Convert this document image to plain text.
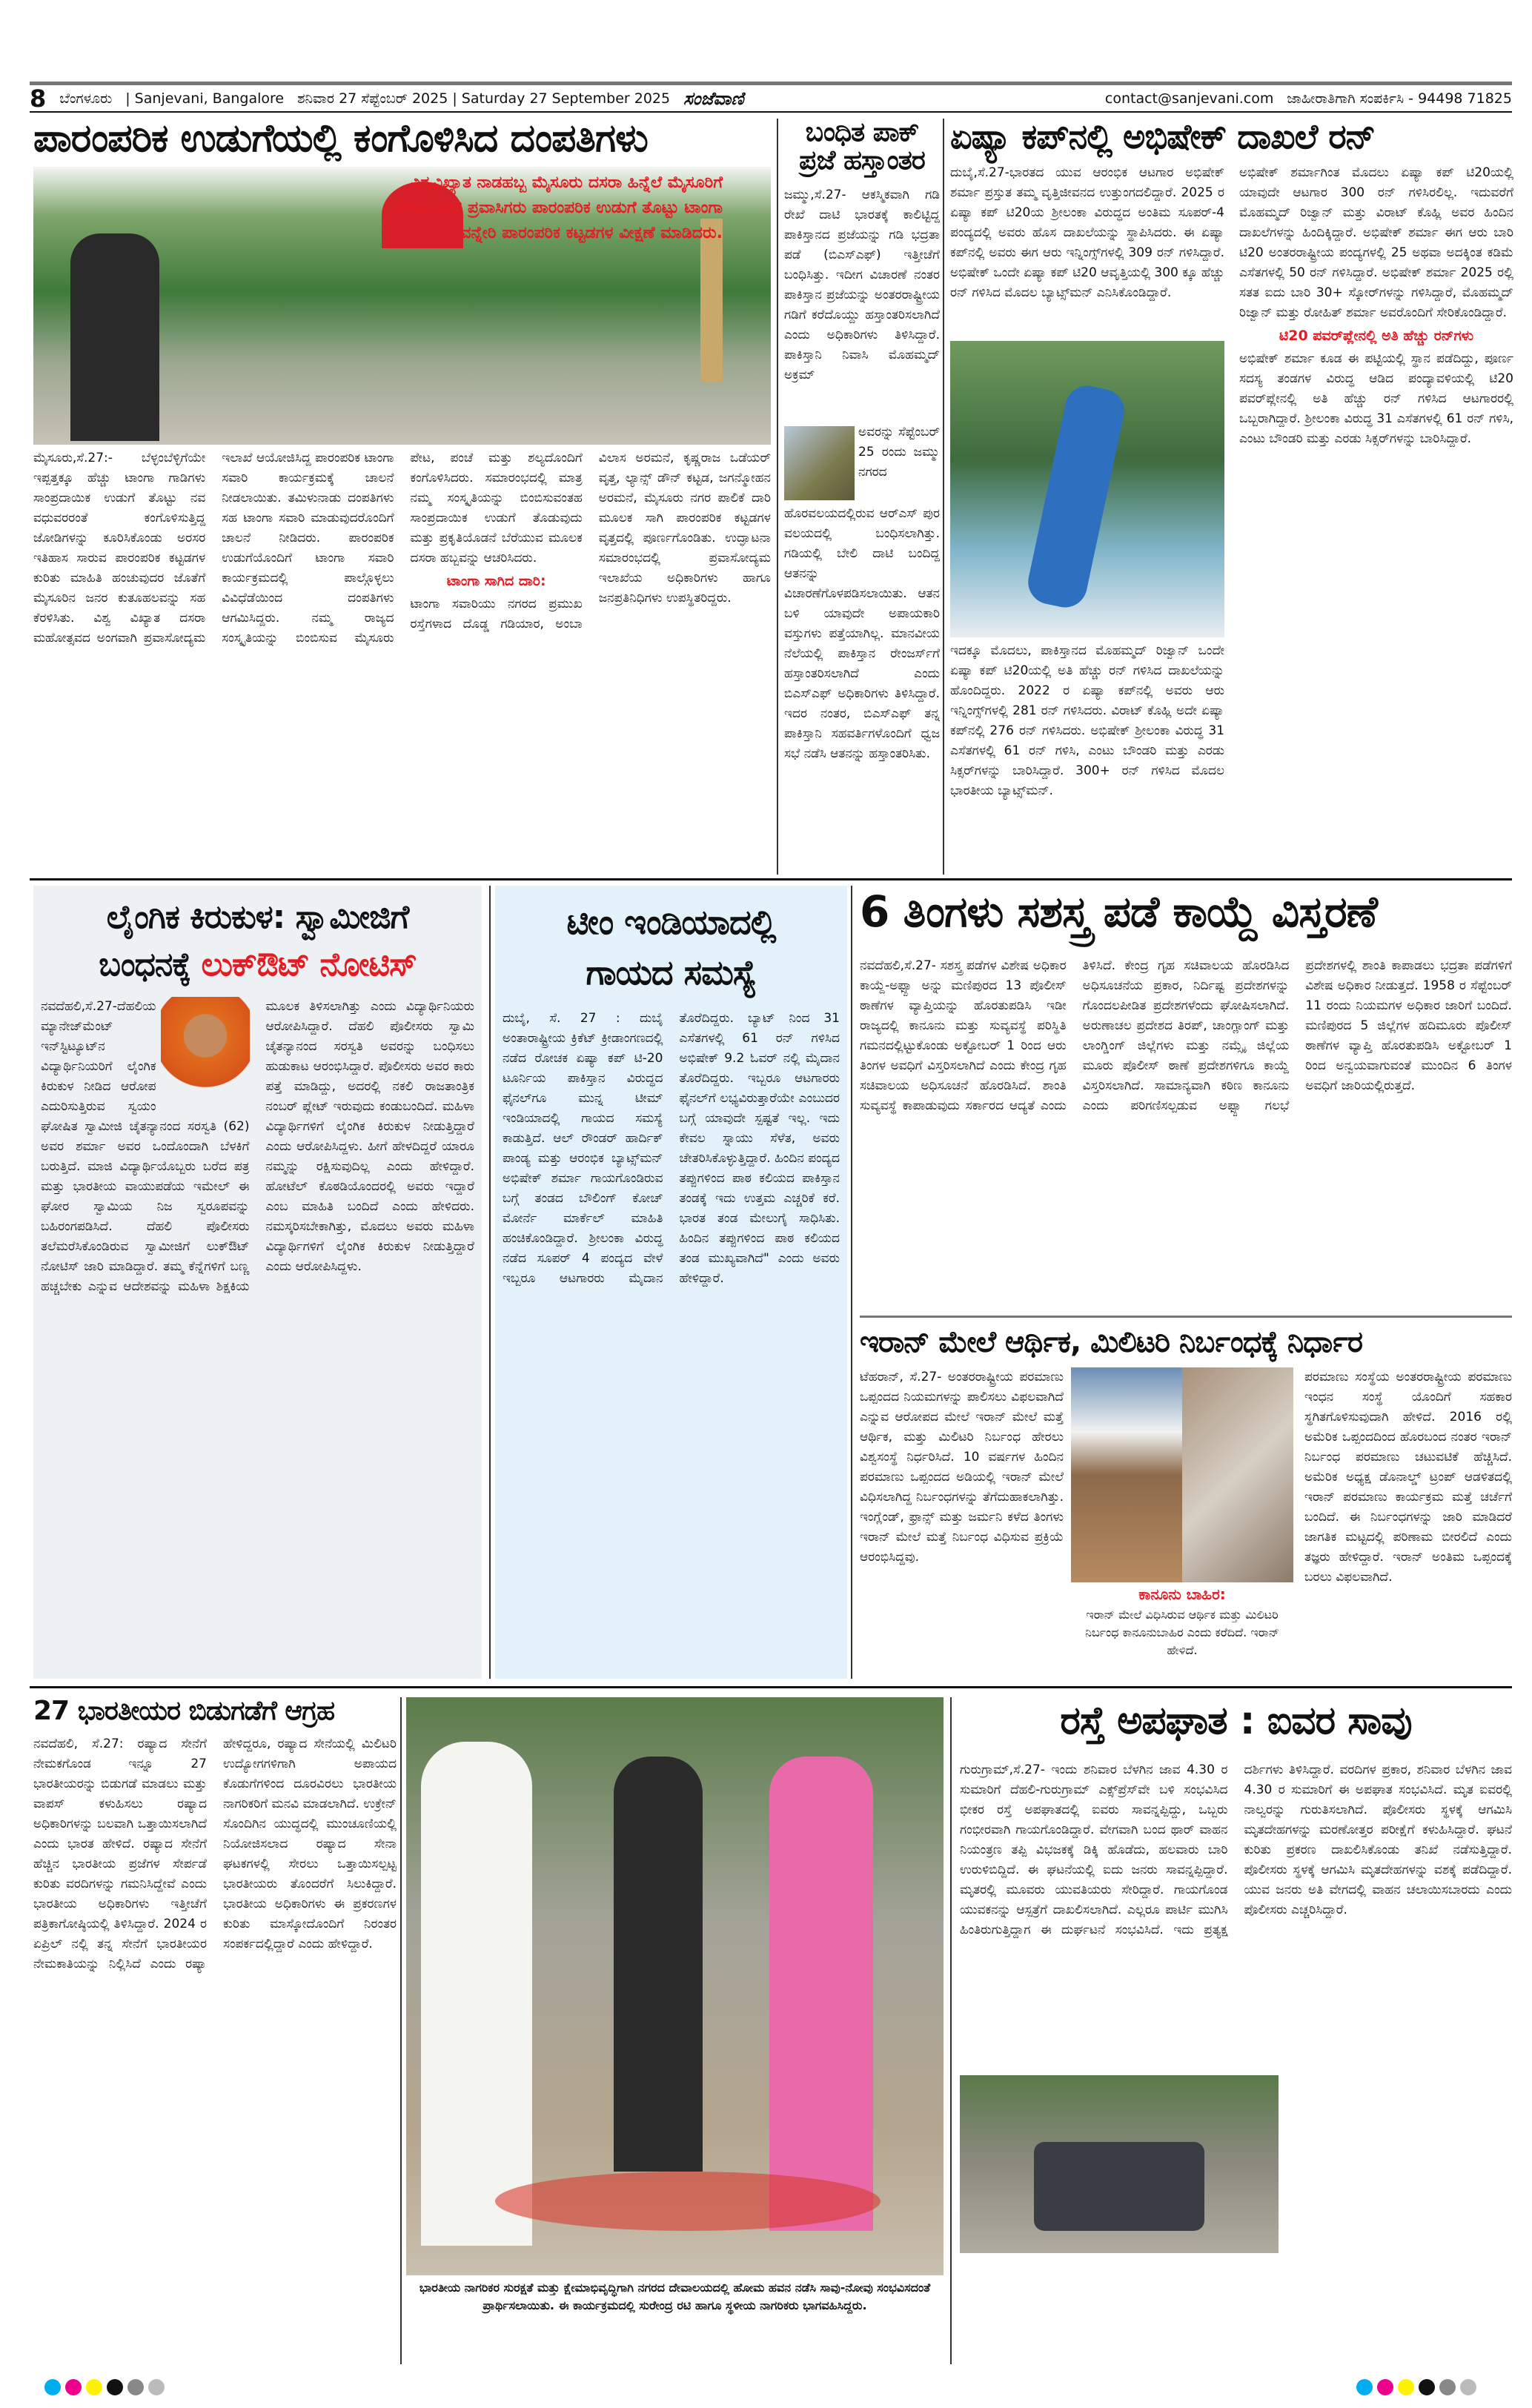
8 ಬೆಂಗಳೂರು | Sanjevani, Bangalore ಶನಿವಾರ 27 ಸೆಪ್ಟೆಂಬರ್ 2025 | Saturday 27 September 2025 ಸಂಜೆವಾಣಿ	contact@sanjevani.com ಜಾಹೀರಾತಿಗಾಗಿ ಸಂಪರ್ಕಿಸಿ - 94498 71825
ಪಾರಂಪರಿಕ ಉಡುಗೆಯಲ್ಲಿ ಕಂಗೊಳಿಸಿದ ದಂಪತಿಗಳು
ವಿಶ್ವವಿಖ್ಯಾತ ನಾಡಹಬ್ಬ ಮೈಸೂರು ದಸರಾ ಹಿನ್ನೆಲೆ ಮೈಸೂರಿಗೆ ಆಗಮಿಸಿರುವ ಪ್ರವಾಸಿಗರು ಪಾರಂಪರಿಕ ಉಡುಗೆ ತೊಟ್ಟು ಟಾಂಗಾ ವನ್ನೇರಿ ಪಾರಂಪರಿಕ ಕಟ್ಟಡಗಳ ವೀಕ್ಷಣೆ ಮಾಡಿದರು.

ಮೈಸೂರು,ಸೆ.27:- ಬೆಳ್ಳಂಬೆಳ್ಳಿಗೆಯೇ ಇಪ್ಪತ್ತಕ್ಕೂ ಹೆಚ್ಚು ಟಾಂಗಾ ಗಾಡಿಗಳು ಸಾಂಪ್ರದಾಯಿಕ ಉಡುಗೆ ತೊಟ್ಟು ನವ ವಧುವರರಂತೆ ಕಂಗೊಳಿಸುತ್ತಿದ್ದ ಜೋಡಿಗಳನ್ನು ಕೂರಿಸಿಕೊಂಡು ಅರಸರ ಇತಿಹಾಸ ಸಾರುವ ಪಾರಂಪರಿಕ ಕಟ್ಟಡಗಳ ಕುರಿತು ಮಾಹಿತಿ ಹಂಚುವುದರ ಜೊತೆಗೆ ಮೈಸೂರಿನ ಜನರ ಕುತೂಹಲವನ್ನು ಸಹ ಕೆರಳಿಸಿತು. ವಿಶ್ವ ವಿಖ್ಯಾತ ದಸರಾ ಮಹೋತ್ಸವದ ಅಂಗವಾಗಿ ಪ್ರವಾಸೋದ್ಯಮ ಇಲಾಖೆ ಆಯೋಜಿಸಿದ್ದ ಪಾರಂಪರಿಕ ಟಾಂಗಾ ಸವಾರಿ ಕಾರ್ಯಕ್ರಮಕ್ಕೆ ಚಾಲನೆ ನೀಡಲಾಯಿತು. ತಮಿಳುನಾಡು ದಂಪತಿಗಳು ಸಹ ಟಾಂಗಾ ಸವಾರಿ ಮಾಡುವುದರೊಂದಿಗೆ ಚಾಲನೆ ನೀಡಿದರು. ಪಾರಂಪರಿಕ ಉಡುಗೆಯೊಂದಿಗೆ ಟಾಂಗಾ ಸವಾರಿ ಕಾರ್ಯಕ್ರಮದಲ್ಲಿ ಪಾಲ್ಗೊಳ್ಳಲು ವಿವಿಧೆಡೆಯಿಂದ ದಂಪತಿಗಳು ಆಗಮಿಸಿದ್ದರು. ನಮ್ಮ ರಾಜ್ಯದ ಸಂಸ್ಕೃತಿಯನ್ನು ಬಿಂಬಿಸುವ ಮೈಸೂರು ಪೇಟ, ಪಂಚೆ ಮತ್ತು ಶಲ್ಯದೊಂದಿಗೆ ಕಂಗೊಳಿಸಿದರು. ಸಮಾರಂಭದಲ್ಲಿ ಮಾತ್ರ ನಮ್ಮ ಸಂಸ್ಕೃತಿಯನ್ನು ಬಿಂಬಿಸುವಂತಹ ಸಾಂಪ್ರದಾಯಿಕ ಉಡುಗೆ ತೊಡುವುದು ಮತ್ತು ಪ್ರಕೃತಿಯೊಡನೆ ಬೆರೆಯುವ ಮೂಲಕ ದಸರಾ ಹಬ್ಬವನ್ನು ಆಚರಿಸಿದರು.

ಟಾಂಗಾ ಸಾಗಿದ ದಾರಿ:

ಟಾಂಗಾ ಸವಾರಿಯು ನಗರದ ಪ್ರಮುಖ ರಸ್ತೆಗಳಾದ ದೊಡ್ಡ ಗಡಿಯಾರ, ಅಂಬಾ ವಿಲಾಸ ಅರಮನೆ, ಕೃಷ್ಣರಾಜ ಒಡೆಯರ್ ವೃತ್ತ, ಲ್ಯಾನ್ಸ್ ಡೌನ್ ಕಟ್ಟಡ, ಜಗನ್ಮೋಹನ ಅರಮನೆ, ಮೈಸೂರು ನಗರ ಪಾಲಿಕೆ ದಾರಿ ಮೂಲಕ ಸಾಗಿ ಪಾರಂಪರಿಕ ಕಟ್ಟಡಗಳ ವೃತ್ತದಲ್ಲಿ ಪೂರ್ಣಗೊಂಡಿತು. ಉದ್ಘಾಟನಾ ಸಮಾರಂಭದಲ್ಲಿ ಪ್ರವಾಸೋದ್ಯಮ ಇಲಾಖೆಯ ಅಧಿಕಾರಿಗಳು ಹಾಗೂ ಜನಪ್ರತಿನಿಧಿಗಳು ಉಪಸ್ಥಿತರಿದ್ದರು.

ಬಂಧಿತ ಪಾಕ್ ಪ್ರಜೆ ಹಸ್ತಾಂತರ
ಜಮ್ಮು,ಸೆ.27- ಆಕಸ್ಮಿಕವಾಗಿ ಗಡಿ ರೇಖೆ ದಾಟಿ ಭಾರತಕ್ಕೆ ಕಾಲಿಟ್ಟಿದ್ದ ಪಾಕಿಸ್ತಾನದ ಪ್ರಜೆಯನ್ನು ಗಡಿ ಭದ್ರತಾ ಪಡೆ (ಬಿಎಸ್‌ಎಫ್) ಇತ್ತೀಚೆಗೆ ಬಂಧಿಸಿತ್ತು. ಇದೀಗ ವಿಚಾರಣೆ ನಂತರ ಪಾಕಿಸ್ತಾನ ಪ್ರಜೆಯನ್ನು ಅಂತರರಾಷ್ಟ್ರೀಯ ಗಡಿಗೆ ಕರೆದೊಯ್ದು ಹಸ್ತಾಂತರಿಸಲಾಗಿದೆ ಎಂದು ಅಧಿಕಾರಿಗಳು ತಿಳಿಸಿದ್ದಾರೆ. ಪಾಕಿಸ್ತಾನಿ ನಿವಾಸಿ ಮೊಹಮ್ಮದ್ ಅಕ್ರಮ್
ಅವರನ್ನು ಸೆಪ್ಟೆಂಬರ್ 25 ರಂದು ಜಮ್ಮು ನಗರದ ಹೊರವಲಯದಲ್ಲಿರುವ ಆರ್‌ಎಸ್ ಪುರ ವಲಯದಲ್ಲಿ ಬಂಧಿಸಲಾಗಿತ್ತು. ಗಡಿಯಲ್ಲಿ ಬೇಲಿ ದಾಟಿ ಬಂದಿದ್ದ ಆತನನ್ನು ವಿಚಾರಣೆಗೊಳಪಡಿಸಲಾಯಿತು. ಆತನ ಬಳಿ ಯಾವುದೇ ಅಪಾಯಕಾರಿ ವಸ್ತುಗಳು ಪತ್ತೆಯಾಗಿಲ್ಲ. ಮಾನವೀಯ ನೆಲೆಯಲ್ಲಿ ಪಾಕಿಸ್ತಾನ ರೇಂಜರ್ಸ್‌ಗೆ ಹಸ್ತಾಂತರಿಸಲಾಗಿದೆ ಎಂದು ಬಿಎಸ್‌ಎಫ್ ಅಧಿಕಾರಿಗಳು ತಿಳಿಸಿದ್ದಾರೆ. ಇದರ ನಂತರ, ಬಿಎಸ್‌ಎಫ್ ತನ್ನ ಪಾಕಿಸ್ತಾನಿ ಸಹವರ್ತಿಗಳೊಂದಿಗೆ ಧ್ವಜ ಸಭೆ ನಡೆಸಿ ಆತನನ್ನು ಹಸ್ತಾಂತರಿಸಿತು.
ಏಷ್ಯಾ ಕಪ್‌ನಲ್ಲಿ ಅಭಿಷೇಕ್ ದಾಖಲೆ ರನ್
ದುಬೈ,ಸೆ.27-ಭಾರತದ ಯುವ ಆರಂಭಿಕ ಆಟಗಾರ ಅಭಿಷೇಕ್ ಶರ್ಮಾ ಪ್ರಸ್ತುತ ತಮ್ಮ ವೃತ್ತಿಜೀವನದ ಉತ್ತುಂಗದಲಿದ್ದಾರೆ. 2025 ರ ಏಷ್ಯಾ ಕಪ್ ಟಿ20ಯ ಶ್ರೀಲಂಕಾ ವಿರುದ್ಧದ ಅಂತಿಮ ಸೂಪರ್-4 ಪಂದ್ಯದಲ್ಲಿ ಅವರು ಹೊಸ ದಾಖಲೆಯನ್ನು ಸ್ಥಾಪಿಸಿದರು. ಈ ಏಷ್ಯಾ ಕಪ್‌ನಲ್ಲಿ ಅವರು ಈಗ ಆರು ಇನ್ನಿಂಗ್ಸ್‌ಗಳಲ್ಲಿ 309 ರನ್ ಗಳಿಸಿದ್ದಾರೆ. ಅಭಿಷೇಕ್ ಒಂದೇ ಏಷ್ಯಾ ಕಪ್ ಟಿ20 ಆವೃತ್ತಿಯಲ್ಲಿ 300 ಕ್ಕೂ ಹೆಚ್ಚು ರನ್ ಗಳಿಸಿದ ಮೊದಲ ಬ್ಯಾಟ್ಸ್‌ಮನ್ ಎನಿಸಿಕೊಂಡಿದ್ದಾರೆ.
ಇದಕ್ಕೂ ಮೊದಲು, ಪಾಕಿಸ್ತಾನದ ಮೊಹಮ್ಮದ್ ರಿಜ್ವಾನ್ ಒಂದೇ ಏಷ್ಯಾ ಕಪ್ ಟಿ20ಯಲ್ಲಿ ಅತಿ ಹೆಚ್ಚು ರನ್ ಗಳಿಸಿದ ದಾಖಲೆಯನ್ನು ಹೊಂದಿದ್ದರು. 2022 ರ ಏಷ್ಯಾ ಕಪ್‌ನಲ್ಲಿ ಅವರು ಆರು ಇನ್ನಿಂಗ್ಸ್‌ಗಳಲ್ಲಿ 281 ರನ್ ಗಳಿಸಿದರು. ವಿರಾಟ್ ಕೊಹ್ಲಿ ಅದೇ ಏಷ್ಯಾ ಕಪ್‌ನಲ್ಲಿ 276 ರನ್ ಗಳಿಸಿದರು. ಅಭಿಷೇಕ್ ಶ್ರೀಲಂಕಾ ವಿರುದ್ಧ 31 ಎಸೆತಗಳಲ್ಲಿ 61 ರನ್ ಗಳಿಸಿ, ಎಂಟು ಬೌಂಡರಿ ಮತ್ತು ಎರಡು ಸಿಕ್ಸರ್‌ಗಳನ್ನು ಬಾರಿಸಿದ್ದಾರೆ. 300+ ರನ್ ಗಳಿಸಿದ ಮೊದಲ ಭಾರತೀಯ ಬ್ಯಾಟ್ಸ್‌ಮನ್.

ಅಭಿಷೇಕ್ ಶರ್ಮಾಗಿಂತ ಮೊದಲು ಏಷ್ಯಾ ಕಪ್ ಟಿ20ಯಲ್ಲಿ ಯಾವುದೇ ಆಟಗಾರ 300 ರನ್ ಗಳಿಸಿರಲಿಲ್ಲ. ಇದುವರೆಗೆ ಮೊಹಮ್ಮದ್ ರಿಜ್ವಾನ್ ಮತ್ತು ವಿರಾಟ್ ಕೊಹ್ಲಿ ಅವರ ಹಿಂದಿನ ದಾಖಲೆಗಳನ್ನು ಹಿಂದಿಕ್ಕಿದ್ದಾರೆ. ಅಭಿಷೇಕ್ ಶರ್ಮಾ ಈಗ ಆರು ಬಾರಿ ಟಿ20 ಅಂತರರಾಷ್ಟ್ರೀಯ ಪಂದ್ಯಗಳಲ್ಲಿ 25 ಅಥವಾ ಅದಕ್ಕಿಂತ ಕಡಿಮೆ ಎಸೆತಗಳಲ್ಲಿ 50 ರನ್ ಗಳಿಸಿದ್ದಾರೆ. ಅಭಿಷೇಕ್ ಶರ್ಮಾ 2025 ರಲ್ಲಿ ಸತತ ಐದು ಬಾರಿ 30+ ಸ್ಕೋರ್‌ಗಳನ್ನು ಗಳಿಸಿದ್ದಾರೆ, ಮೊಹಮ್ಮದ್ ರಿಜ್ವಾನ್ ಮತ್ತು ರೋಹಿತ್ ಶರ್ಮಾ ಅವರೊಂದಿಗೆ ಸೇರಿಕೊಂಡಿದ್ದಾರೆ.

ಟಿ20 ಪವರ್‌ಪ್ಲೇನಲ್ಲಿ ಅತಿ ಹೆಚ್ಚು ರನ್‌ಗಳು

ಅಭಿಷೇಕ್ ಶರ್ಮಾ ಕೂಡ ಈ ಪಟ್ಟಿಯಲ್ಲಿ ಸ್ಥಾನ ಪಡೆದಿದ್ದು, ಪೂರ್ಣ ಸದಸ್ಯ ತಂಡಗಳ ವಿರುದ್ಧ ಆಡಿದ ಪಂದ್ಯಾವಳಿಯಲ್ಲಿ ಟಿ20 ಪವರ್‌ಪ್ಲೇನಲ್ಲಿ ಅತಿ ಹೆಚ್ಚು ರನ್ ಗಳಿಸಿದ ಆಟಗಾರರಲ್ಲಿ ಒಬ್ಬರಾಗಿದ್ದಾರೆ. ಶ್ರೀಲಂಕಾ ವಿರುದ್ಧ 31 ಎಸೆತಗಳಲ್ಲಿ 61 ರನ್ ಗಳಿಸಿ, ಎಂಟು ಬೌಂಡರಿ ಮತ್ತು ಎರಡು ಸಿಕ್ಸರ್‌ಗಳನ್ನು ಬಾರಿಸಿದ್ದಾರೆ.

ಲೈಂಗಿಕ ಕಿರುಕುಳ: ಸ್ವಾಮೀಜಿಗೆ
ಬಂಧನಕ್ಕೆ ಲುಕ್‌ಔಟ್ ನೋಟಿಸ್
ನವದೆಹಲಿ,ಸೆ.27-ದೆಹಲಿಯ ಮ್ಯಾನೇಜ್‌ಮೆಂಟ್ ಇನ್‌ಸ್ಟಿಟ್ಯೂಟ್‌ನ ವಿದ್ಯಾರ್ಥಿನಿಯರಿಗೆ ಲೈಂಗಿಕ ಕಿರುಕುಳ ನೀಡಿದ ಆರೋಪ ಎದುರಿಸುತ್ತಿರುವ ಸ್ವಯಂ ಘೋಷಿತ ಸ್ವಾಮೀಜಿ ಚೈತನ್ಯಾನಂದ ಸರಸ್ವತಿ (62) ಅವರ ಶರ್ಮಾ ಅವರ ಒಂದೊಂದಾಗಿ ಬೆಳಕಿಗೆ ಬರುತ್ತಿದೆ. ಮಾಜಿ ವಿದ್ಯಾರ್ಥಿಯೊಬ್ಬರು ಬರೆದ ಪತ್ರ ಮತ್ತು ಭಾರತೀಯ ವಾಯುಪಡೆಯ ಇಮೇಲ್ ಈ ಘೋರ ಸ್ವಾಮಿಯ ನಿಜ ಸ್ವರೂಪವನ್ನು ಬಹಿರಂಗಪಡಿಸಿದೆ. ದೆಹಲಿ ಪೊಲೀಸರು ತಲೆಮರೆಸಿಕೊಂಡಿರುವ ಸ್ವಾಮೀಜಿಗೆ ಲುಕ್‌ಔಟ್ ನೋಟಿಸ್ ಜಾರಿ ಮಾಡಿದ್ದಾರೆ. ತಮ್ಮ ಕೆನ್ನೆಗಳಿಗೆ ಬಣ್ಣ ಹಚ್ಚಬೇಕು ಎನ್ನುವ ಆದೇಶವನ್ನು ಮಹಿಳಾ ಶಿಕ್ಷಕಿಯ ಮೂಲಕ ತಿಳಿಸಲಾಗಿತ್ತು ಎಂದು ವಿದ್ಯಾರ್ಥಿನಿಯರು ಆರೋಪಿಸಿದ್ದಾರೆ. ದೆಹಲಿ ಪೊಲೀಸರು ಸ್ವಾಮಿ ಚೈತನ್ಯಾನಂದ ಸರಸ್ವತಿ ಅವರನ್ನು ಬಂಧಿಸಲು ಹುಡುಕಾಟ ಆರಂಭಿಸಿದ್ದಾರೆ. ಪೊಲೀಸರು ಅವರ ಕಾರು ಪತ್ತೆ ಮಾಡಿದ್ದು, ಅದರಲ್ಲಿ ನಕಲಿ ರಾಜತಾಂತ್ರಿಕ ನಂಬರ್ ಪ್ಲೇಟ್ ಇರುವುದು ಕಂಡುಬಂದಿದೆ. ಮಹಿಳಾ ವಿದ್ಯಾರ್ಥಿಗಳಿಗೆ ಲೈಂಗಿಕ ಕಿರುಕುಳ ನೀಡುತ್ತಿದ್ದಾರೆ ಎಂದು ಆರೋಪಿಸಿದ್ದಳು. ಹೀಗೆ ಹೇಳದಿದ್ದರೆ ಯಾರೂ ನಮ್ಮನ್ನು ರಕ್ಷಿಸುವುದಿಲ್ಲ ಎಂದು ಹೇಳಿದ್ದಾರೆ. ಹೋಟೆಲ್ ಕೊಠಡಿಯೊಂದರಲ್ಲಿ ಅವರು ಇದ್ದಾರೆ ಎಂಬ ಮಾಹಿತಿ ಬಂದಿದೆ ಎಂದು ಹೇಳಿದರು. ನಮಸ್ಕರಿಸಬೇಕಾಗಿತ್ತು, ಮೊದಲು ಅವರು ಮಹಿಳಾ ವಿದ್ಯಾರ್ಥಿಗಳಿಗೆ ಲೈಂಗಿಕ ಕಿರುಕುಳ ನೀಡುತ್ತಿದ್ದಾರೆ ಎಂದು ಆರೋಪಿಸಿದ್ದಳು.
ಟೀಂ ಇಂಡಿಯಾದಲ್ಲಿ
ಗಾಯದ ಸಮಸ್ಯೆ
ದುಬೈ, ಸೆ. 27 : ದುಬೈ ಅಂತಾರಾಷ್ಟ್ರೀಯ ಕ್ರಿಕೆಟ್ ಕ್ರೀಡಾಂಗಣದಲ್ಲಿ ನಡೆದ ರೋಚಕ ಏಷ್ಯಾ ಕಪ್ ಟಿ-20 ಟೂರ್ನಿಯ ಪಾಕಿಸ್ತಾನ ವಿರುದ್ಧದ ಫೈನಲ್‌ಗೂ ಮುನ್ನ ಟೀಮ್ ಇಂಡಿಯಾದಲ್ಲಿ ಗಾಯದ ಸಮಸ್ಯೆ ಕಾಡುತ್ತಿದೆ. ಆಲ್ ರೌಂಡರ್ ಹಾರ್ದಿಕ್ ಪಾಂಡ್ಯ ಮತ್ತು ಆರಂಭಿಕ ಬ್ಯಾಟ್ಸ್‌ಮನ್ ಅಭಿಷೇಕ್ ಶರ್ಮಾ ಗಾಯಗೊಂಡಿರುವ ಬಗ್ಗೆ ತಂಡದ ಬೌಲಿಂಗ್ ಕೋಚ್ ಮೋರ್ನೆ ಮಾರ್ಕೆಲ್ ಮಾಹಿತಿ ಹಂಚಿಕೊಂಡಿದ್ದಾರೆ. ಶ್ರೀಲಂಕಾ ವಿರುದ್ಧ ನಡೆದ ಸೂಪರ್ 4 ಪಂದ್ಯದ ವೇಳೆ ಇಬ್ಬರೂ ಆಟಗಾರರು ಮೈದಾನ ತೊರೆದಿದ್ದರು. ಬ್ಯಾಟ್ ನಿಂದ 31 ಎಸೆತಗಳಲ್ಲಿ 61 ರನ್ ಗಳಿಸಿದ ಅಭಿಷೇಕ್ 9.2 ಓವರ್ ನಲ್ಲಿ ಮೈದಾನ ತೊರೆದಿದ್ದರು. ಇಬ್ಬರೂ ಆಟಗಾರರು ಫೈನಲ್‌ಗೆ ಲಭ್ಯವಿರುತ್ತಾರೆಯೇ ಎಂಬುದರ ಬಗ್ಗೆ ಯಾವುದೇ ಸ್ಪಷ್ಟತೆ ಇಲ್ಲ. ಇದು ಕೇವಲ ಸ್ನಾಯು ಸೆಳೆತ, ಅವರು ಚೇತರಿಸಿಕೊಳ್ಳುತ್ತಿದ್ದಾರೆ. ಹಿಂದಿನ ಪಂದ್ಯದ ತಪ್ಪುಗಳಿಂದ ಪಾಠ ಕಲಿಯದ ಪಾಕಿಸ್ತಾನ ತಂಡಕ್ಕೆ ಇದು ಉತ್ತಮ ಎಚ್ಚರಿಕೆ ಕರೆ. ಭಾರತ ತಂಡ ಮೇಲುಗೈ ಸಾಧಿಸಿತು. ಹಿಂದಿನ ತಪ್ಪುಗಳಿಂದ ಪಾಠ ಕಲಿಯದ ತಂಡ ಮುಖ್ಯವಾಗಿದೆ" ಎಂದು ಅವರು ಹೇಳಿದ್ದಾರೆ.
6 ತಿಂಗಳು ಸಶಸ್ತ್ರ ಪಡೆ ಕಾಯ್ದೆ ವಿಸ್ತರಣೆ
ನವದೆಹಲಿ,ಸೆ.27- ಸಶಸ್ತ್ರ ಪಡೆಗಳ ವಿಶೇಷ ಅಧಿಕಾರ ಕಾಯ್ದೆ-ಅಫ್ಸ್ಪಾ ಅನ್ನು ಮಣಿಪುರದ 13 ಪೊಲೀಸ್ ಠಾಣೆಗಳ ವ್ಯಾಪ್ತಿಯನ್ನು ಹೊರತುಪಡಿಸಿ ಇಡೀ ರಾಜ್ಯದಲ್ಲಿ ಕಾನೂನು ಮತ್ತು ಸುವ್ಯವಸ್ಥೆ ಪರಿಸ್ಥಿತಿ ಗಮನದಲ್ಲಿಟ್ಟುಕೊಂಡು ಅಕ್ಟೋಬರ್ 1 ರಿಂದ ಆರು ತಿಂಗಳ ಅವಧಿಗೆ ವಿಸ್ತರಿಸಲಾಗಿದೆ ಎಂದು ಕೇಂದ್ರ ಗೃಹ ಸಚಿವಾಲಯ ಅಧಿಸೂಚನೆ ಹೊರಡಿಸಿದೆ. ಶಾಂತಿ ಸುವ್ಯವಸ್ಥೆ ಕಾಪಾಡುವುದು ಸರ್ಕಾರದ ಆದ್ಯತೆ ಎಂದು ತಿಳಿಸಿದೆ. ಕೇಂದ್ರ ಗೃಹ ಸಚಿವಾಲಯ ಹೊರಡಿಸಿದ ಅಧಿಸೂಚನೆಯ ಪ್ರಕಾರ, ನಿರ್ದಿಷ್ಟ ಪ್ರದೇಶಗಳನ್ನು ಗೊಂದಲಪೀಡಿತ ಪ್ರದೇಶಗಳೆಂದು ಘೋಷಿಸಲಾಗಿದೆ. ಅರುಣಾಚಲ ಪ್ರದೇಶದ ತಿರಪ್, ಚಾಂಗ್ಲಾಂಗ್ ಮತ್ತು ಲಾಂಗ್ಡಿಂಗ್ ಜಿಲ್ಲೆಗಳು ಮತ್ತು ನಮ್ಸೈ ಜಿಲ್ಲೆಯ ಮೂರು ಪೊಲೀಸ್ ಠಾಣೆ ಪ್ರದೇಶಗಳಿಗೂ ಕಾಯ್ದೆ ವಿಸ್ತರಿಸಲಾಗಿದೆ. ಸಾಮಾನ್ಯವಾಗಿ ಕಠಿಣ ಕಾನೂನು ಎಂದು ಪರಿಗಣಿಸಲ್ಪಡುವ ಅಫ್ಸ್ಪಾ ಗಲಭೆ ಪ್ರದೇಶಗಳಲ್ಲಿ ಶಾಂತಿ ಕಾಪಾಡಲು ಭದ್ರತಾ ಪಡೆಗಳಿಗೆ ವಿಶೇಷ ಅಧಿಕಾರ ನೀಡುತ್ತದೆ. 1958 ರ ಸೆಪ್ಟೆಂಬರ್ 11 ರಂದು ನಿಯಮಗಳ ಅಧಿಕಾರ ಜಾರಿಗೆ ಬಂದಿದೆ. ಮಣಿಪುರದ 5 ಜಿಲ್ಲೆಗಳ ಹದಿಮೂರು ಪೊಲೀಸ್ ಠಾಣೆಗಳ ವ್ಯಾಪ್ತಿ ಹೊರತುಪಡಿಸಿ ಅಕ್ಟೋಬರ್ 1 ರಿಂದ ಅನ್ವಯವಾಗುವಂತೆ ಮುಂದಿನ 6 ತಿಂಗಳ ಅವಧಿಗೆ ಜಾರಿಯಲ್ಲಿರುತ್ತದೆ.
ಇರಾನ್ ಮೇಲೆ ಆರ್ಥಿಕ, ಮಿಲಿಟರಿ ನಿರ್ಬಂಧಕ್ಕೆ ನಿರ್ಧಾರ
ಟೆಹರಾನ್, ಸೆ.27- ಅಂತರರಾಷ್ಟ್ರೀಯ ಪರಮಾಣು ಒಪ್ಪಂದದ ನಿಯಮಗಳನ್ನು ಪಾಲಿಸಲು ವಿಫಲವಾಗಿದೆ ಎನ್ನುವ ಆರೋಪದ ಮೇಲೆ ಇರಾನ್ ಮೇಲೆ ಮತ್ತೆ ಆರ್ಥಿಕ, ಮತ್ತು ಮಿಲಿಟರಿ ನಿರ್ಬಂಧ ಹೇರಲು ವಿಶ್ವಸಂಸ್ಥೆ ನಿರ್ಧರಿಸಿದೆ. 10 ವರ್ಷಗಳ ಹಿಂದಿನ ಪರಮಾಣು ಒಪ್ಪಂದದ ಅಡಿಯಲ್ಲಿ ಇರಾನ್ ಮೇಲೆ ವಿಧಿಸಲಾಗಿದ್ದ ನಿರ್ಬಂಧಗಳನ್ನು ತೆಗೆದುಹಾಕಲಾಗಿತ್ತು. ಇಂಗ್ಲೆಂಡ್, ಫ್ರಾನ್ಸ್ ಮತ್ತು ಜರ್ಮನಿ ಕಳೆದ ತಿಂಗಳು ಇರಾನ್‌ ಮೇಲೆ ಮತ್ತೆ ನಿರ್ಬಂಧ ವಿಧಿಸುವ ಪ್ರಕ್ರಿಯೆ ಆರಂಭಿಸಿದ್ದವು.
ಕಾನೂನು ಬಾಹಿರ:
ಇರಾನ್ ಮೇಲೆ ವಿಧಿಸಿರುವ ಆರ್ಥಿಕ ಮತ್ತು ಮಿಲಿಟರಿ ನಿರ್ಬಂಧ ಕಾನೂನುಬಾಹಿರ ಎಂದು ಕರೆದಿದೆ. ಇರಾನ್ ಹೇಳಿದೆ.
ಪರಮಾಣು ಸಂಸ್ಥೆಯ ಅಂತರರಾಷ್ಟ್ರೀಯ ಪರಮಾಣು ಇಂಧನ ಸಂಸ್ಥೆ ಯೊಂದಿಗೆ ಸಹಕಾರ ಸ್ಥಗಿತಗೊಳಿಸುವುದಾಗಿ ಹೇಳಿದೆ. 2016 ರಲ್ಲಿ ಅಮೆರಿಕ ಒಪ್ಪಂದದಿಂದ ಹೊರಬಂದ ನಂತರ ಇರಾನ್ ನಿರ್ಬಂಧ ಪರಮಾಣು ಚಟುವಟಿಕೆ ಹೆಚ್ಚಿಸಿದೆ. ಅಮೆರಿಕ ಅಧ್ಯಕ್ಷ ಡೊನಾಲ್ಡ್ ಟ್ರಂಪ್ ಆಡಳಿತದಲ್ಲಿ ಇರಾನ್ ಪರಮಾಣು ಕಾರ್ಯಕ್ರಮ ಮತ್ತೆ ಚರ್ಚೆಗೆ ಬಂದಿದೆ. ಈ ನಿರ್ಬಂಧಗಳನ್ನು ಜಾರಿ ಮಾಡಿದರೆ ಜಾಗತಿಕ ಮಟ್ಟದಲ್ಲಿ ಪರಿಣಾಮ ಬೀರಲಿದೆ ಎಂದು ತಜ್ಞರು ಹೇಳಿದ್ದಾರೆ. ಇರಾನ್ ಅಂತಿಮ ಒಪ್ಪಂದಕ್ಕೆ ಬರಲು ವಿಫಲವಾಗಿದೆ.
27 ಭಾರತೀಯರ ಬಿಡುಗಡೆಗೆ ಆಗ್ರಹ
ನವದೆಹಲಿ, ಸೆ.27: ರಷ್ಯಾದ ಸೇನೆಗೆ ನೇಮಕಗೊಂಡ ಇನ್ನೂ 27 ಭಾರತೀಯರನ್ನು ಬಿಡುಗಡೆ ಮಾಡಲು ಮತ್ತು ವಾಪಸ್ ಕಳುಹಿಸಲು ರಷ್ಯಾದ ಅಧಿಕಾರಿಗಳನ್ನು ಬಲವಾಗಿ ಒತ್ತಾಯಿಸಲಾಗಿದೆ ಎಂದು ಭಾರತ ಹೇಳಿದೆ. ರಷ್ಯಾದ ಸೇನೆಗೆ ಹೆಚ್ಚಿನ ಭಾರತೀಯ ಪ್ರಜೆಗಳ ಸೇರ್ಪಡೆ ಕುರಿತು ವರದಿಗಳನ್ನು ಗಮನಿಸಿದ್ದೇವೆ ಎಂದು ಭಾರತೀಯ ಅಧಿಕಾರಿಗಳು ಇತ್ತೀಚೆಗೆ ಪತ್ರಿಕಾಗೋಷ್ಠಿಯಲ್ಲಿ ತಿಳಿಸಿದ್ದಾರೆ. 2024 ರ ಏಪ್ರಿಲ್ ನಲ್ಲಿ ತನ್ನ ಸೇನೆಗೆ ಭಾರತೀಯರ ನೇಮಕಾತಿಯನ್ನು ನಿಲ್ಲಿಸಿದೆ ಎಂದು ರಷ್ಯಾ ಹೇಳಿದ್ದರೂ, ರಷ್ಯಾದ ಸೇನೆಯಲ್ಲಿ ಮಿಲಿಟರಿ ಉದ್ಯೋಗಗಳಿಗಾಗಿ ಅಪಾಯದ ಕೊಡುಗೆಗಳಿಂದ ದೂರವಿರಲು ಭಾರತೀಯ ನಾಗರಿಕರಿಗೆ ಮನವಿ ಮಾಡಲಾಗಿದೆ. ಉಕ್ರೇನ್ ಸೊಂದಿಗಿನ ಯುದ್ಧದಲ್ಲಿ ಮುಂಚೂಣಿಯಲ್ಲಿ ನಿಯೋಜಿಸಲಾದ ರಷ್ಯಾದ ಸೇನಾ ಘಟಕಗಳಲ್ಲಿ ಸೇರಲು ಒತ್ತಾಯಿಸಲ್ಪಟ್ಟ ಭಾರತೀಯರು ತೊಂದರೆಗೆ ಸಿಲುಕಿದ್ದಾರೆ. ಭಾರತೀಯ ಅಧಿಕಾರಿಗಳು ಈ ಪ್ರಕರಣಗಳ ಕುರಿತು ಮಾಸ್ಕೋದೊಂದಿಗೆ ನಿರಂತರ ಸಂಪರ್ಕದಲ್ಲಿದ್ದಾರೆ ಎಂದು ಹೇಳಿದ್ದಾರೆ.
ಭಾರತೀಯ ನಾಗರಿಕರ ಸುರಕ್ಷತೆ ಮತ್ತು ಕ್ಷೇಮಾಭಿವೃದ್ಧಿಗಾಗಿ ನಗರದ ದೇವಾಲಯದಲ್ಲಿ ಹೋಮ ಹವನ ನಡೆಸಿ ಸಾವು-ನೋವು ಸಂಭವಿಸದಂತೆ ಪ್ರಾರ್ಥಿಸಲಾಯಿತು. ಈ ಕಾರ್ಯಕ್ರಮದಲ್ಲಿ ಸುರೇಂದ್ರ ರಟಿ ಹಾಗೂ ಸ್ಥಳೀಯ ನಾಗರಿಕರು ಭಾಗವಹಿಸಿದ್ದರು.
ರಸ್ತೆ ಅಪಘಾತ : ಐವರ ಸಾವು
ಗುರುಗ್ರಾಮ್,ಸೆ.27- ಇಂದು ಶನಿವಾರ ಬೆಳಗಿನ ಜಾವ 4.30 ರ ಸುಮಾರಿಗೆ ದೆಹಲಿ-ಗುರುಗ್ರಾಮ್ ಎಕ್ಸ್‌ಪ್ರೆಸ್‌ವೇ ಬಳಿ ಸಂಭವಿಸಿದ ಭೀಕರ ರಸ್ತೆ ಅಪಘಾತದಲ್ಲಿ ಐವರು ಸಾವನ್ನಪ್ಪಿದ್ದು, ಒಬ್ಬರು ಗಂಭೀರವಾಗಿ ಗಾಯಗೊಂಡಿದ್ದಾರೆ. ವೇಗವಾಗಿ ಬಂದ ಥಾರ್ ವಾಹನ ನಿಯಂತ್ರಣ ತಪ್ಪಿ ವಿಭಜಕಕ್ಕೆ ಡಿಕ್ಕಿ ಹೊಡೆದು, ಹಲವಾರು ಬಾರಿ ಉರುಳಿಬಿದ್ದಿದೆ. ಈ ಘಟನೆಯಲ್ಲಿ ಐದು ಜನರು ಸಾವನ್ನಪ್ಪಿದ್ದಾರೆ. ಮೃತರಲ್ಲಿ ಮೂವರು ಯುವತಿಯರು ಸೇರಿದ್ದಾರೆ. ಗಾಯಗೊಂಡ ಯುವಕನನ್ನು ಆಸ್ಪತ್ರೆಗೆ ದಾಖಲಿಸಲಾಗಿದೆ. ಎಲ್ಲರೂ ಪಾರ್ಟಿ ಮುಗಿಸಿ ಹಿಂತಿರುಗುತ್ತಿದ್ದಾಗ ಈ ದುರ್ಘಟನೆ ಸಂಭವಿಸಿದೆ. ಇದು ಪ್ರತ್ಯಕ್ಷ ದರ್ಶಿಗಳು ತಿಳಿಸಿದ್ದಾರೆ. ವರದಿಗಳ ಪ್ರಕಾರ, ಶನಿವಾರ ಬೆಳಗಿನ ಜಾವ 4.30 ರ ಸುಮಾರಿಗೆ ಈ ಅಪಘಾತ ಸಂಭವಿಸಿದೆ. ಮೃತ ಐವರಲ್ಲಿ ನಾಲ್ವರನ್ನು ಗುರುತಿಸಲಾಗಿದೆ. ಪೊಲೀಸರು ಸ್ಥಳಕ್ಕೆ ಆಗಮಿಸಿ ಮೃತದೇಹಗಳನ್ನು ಮರಣೋತ್ತರ ಪರೀಕ್ಷೆಗೆ ಕಳುಹಿಸಿದ್ದಾರೆ. ಘಟನೆ ಕುರಿತು ಪ್ರಕರಣ ದಾಖಲಿಸಿಕೊಂಡು ತನಿಖೆ ನಡೆಸುತ್ತಿದ್ದಾರೆ. ಪೊಲೀಸರು ಸ್ಥಳಕ್ಕೆ ಆಗಮಿಸಿ ಮೃತದೇಹಗಳನ್ನು ವಶಕ್ಕೆ ಪಡೆದಿದ್ದಾರೆ. ಯುವ ಜನರು ಅತಿ ವೇಗದಲ್ಲಿ ವಾಹನ ಚಲಾಯಿಸಬಾರದು ಎಂದು ಪೊಲೀಸರು ಎಚ್ಚರಿಸಿದ್ದಾರೆ.
